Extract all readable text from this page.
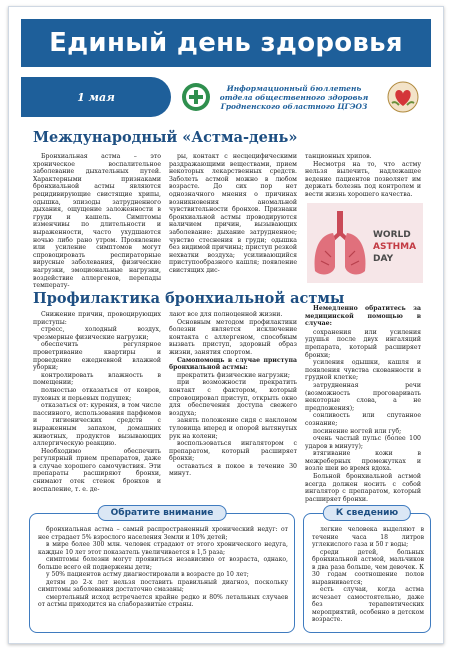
Единый день здоровья
1 мая
Информационный бюллетень
отдела общественного здоровья
Гродненского областного ЦГЭОЗ
Международный «Астма-день»

Бронхиальная астма – это хроническое воспалительное заболевание дыхательных путей. Характерными признаками бронхиальной астмы являются рецидивирующие свистящие хрипы, одышка, эпизоды затрудненного дыхания, ощущение заложенности в груди и кашель. Симптомы изменчивы по длительности и выраженности, часто ухудшаются ночью либо рано утром. Проявление или усиление симптомов могут спровоцировать респираторные вирусные заболевания, физические нагрузки, эмоциональные нагрузки, воздействие аллергенов, перепады температу-

ры, контакт с несцецифическими раздражающими веществами, прием некоторых лекарственных средств. Заболеть астмой можно в любом возрасте. До сих пор нет однозначного мнения о причинах возникновения аномальной чувствительности бронхов. Признаки бронхиальной астмы проводируются наличием причин, вызывающих заболевание: дыхание затрудненное; чувство стеснения в груди; одышка без видимой причины; приступ резкой нехватки воздуха; усиливающийся приступообразного кашля; появление свистящих дис-

танционных хрипов.

Несмотря на то, что астму нельзя вылечить, надлежащее ведение пациентов позволяет им держать болезнь под контролем и вести жизнь хорошего качества.

WORLD
ASTHMA
DAY
Профилактика бронхиальной астмы

Снижение причин, провоцирующих приступы:

стресс, холодный воздух, чрезмерные физические нагрузки;

обеспечить регулярное проветривание квартиры и проведение ежедневной влажной уборки;

контролировать влажность в помещении;

полностью отказаться от ковров, пуховых и перьевых подушек;

отказаться от: курения, в том числе пассивного, использования парфюмов и гигиенических средств с выраженным запахом, домашних животных, продуктов вызывающих аллергическую реакцию.

Необходимо обеспечить регулярный прием препаратов, даже в случае хорошего самочувствия. Эти препараты расширяют бронхи, снимают отек стенок бронхов и воспаление, т. е. де-

лают все для полноценной жизни.

Основным методом профилактики болезни является исключение контакта с аллергеном, способным вызвать приступ, здоровый образ жизни, занятия спортом.

Самопомощь в случае приступа бронхиальной астмы:

прекратить физические нагрузки;

при возможности прекратить контакт с фактором, который спровоцировал приступ, открыть окно для обеспечения доступа свежего воздуха;

занять положение сидя с наклоном туловища вперед и опорой вытянутых рук на колени;

воспользоваться ингалятором с препаратом, который расширяет бронхи;

оставаться в покое в течение 30 минут.

Немедленно обратитесь за медицинской помощью в случае:

сохранения или усиления удушья после двух ингаляций препарата, который расширяет бронхи;

усиления одышки, кашля и появления чувства скованности в грудной клетке;

затрудненная речи (возможность проговаривать некоторые слова, а не предложения);

сонливость или спутанное сознание;

посинение ногтей или губ;

очень частый пульс (более 100 ударов в минуту);

втягивание кожи в межреберных промежутках и возле шеи во время вдоха.

Больной бронхиальной астмой всегда должен носить с собой ингалятор с препаратом, который расширяет бронхи.

Обратите внимание

бронхиальная астма – самый распространенный хронический недуг: от нее страдает 5% взрослого населения Земли и 10% детей;

в мире более 300 млн. человек страдают от этого хронического недуга, каждые 10 лет этот показатель увеличивается в 1,5 раза;

симптомы болезни могут проявиться независимо от возраста, однако, больше всего ей подвержены дети;

у 50% пациентов астму диагностировали в возрасте до 10 лет;

детям до 2-х лет нельзя поставить правильный диагноз, поскольку симптомы заболевания достаточно смазаны;

смертельный исход встречается крайне редко и 80% летальных случаев от астмы приходится на слаборазвитые страны.

К сведению

легкие человека выделяют в течение часа 18 литров углекислого газа и 50 г воды;

среди детей, больных бронхиальной астмой, мальчиков в два раза больше, чем девочек. К 30 годам соотношение полов выравнивается;

есть случаи, когда астма исчезает самостоятельно, даже без терапевтических мероприятий, особенно в детском возрасте.
